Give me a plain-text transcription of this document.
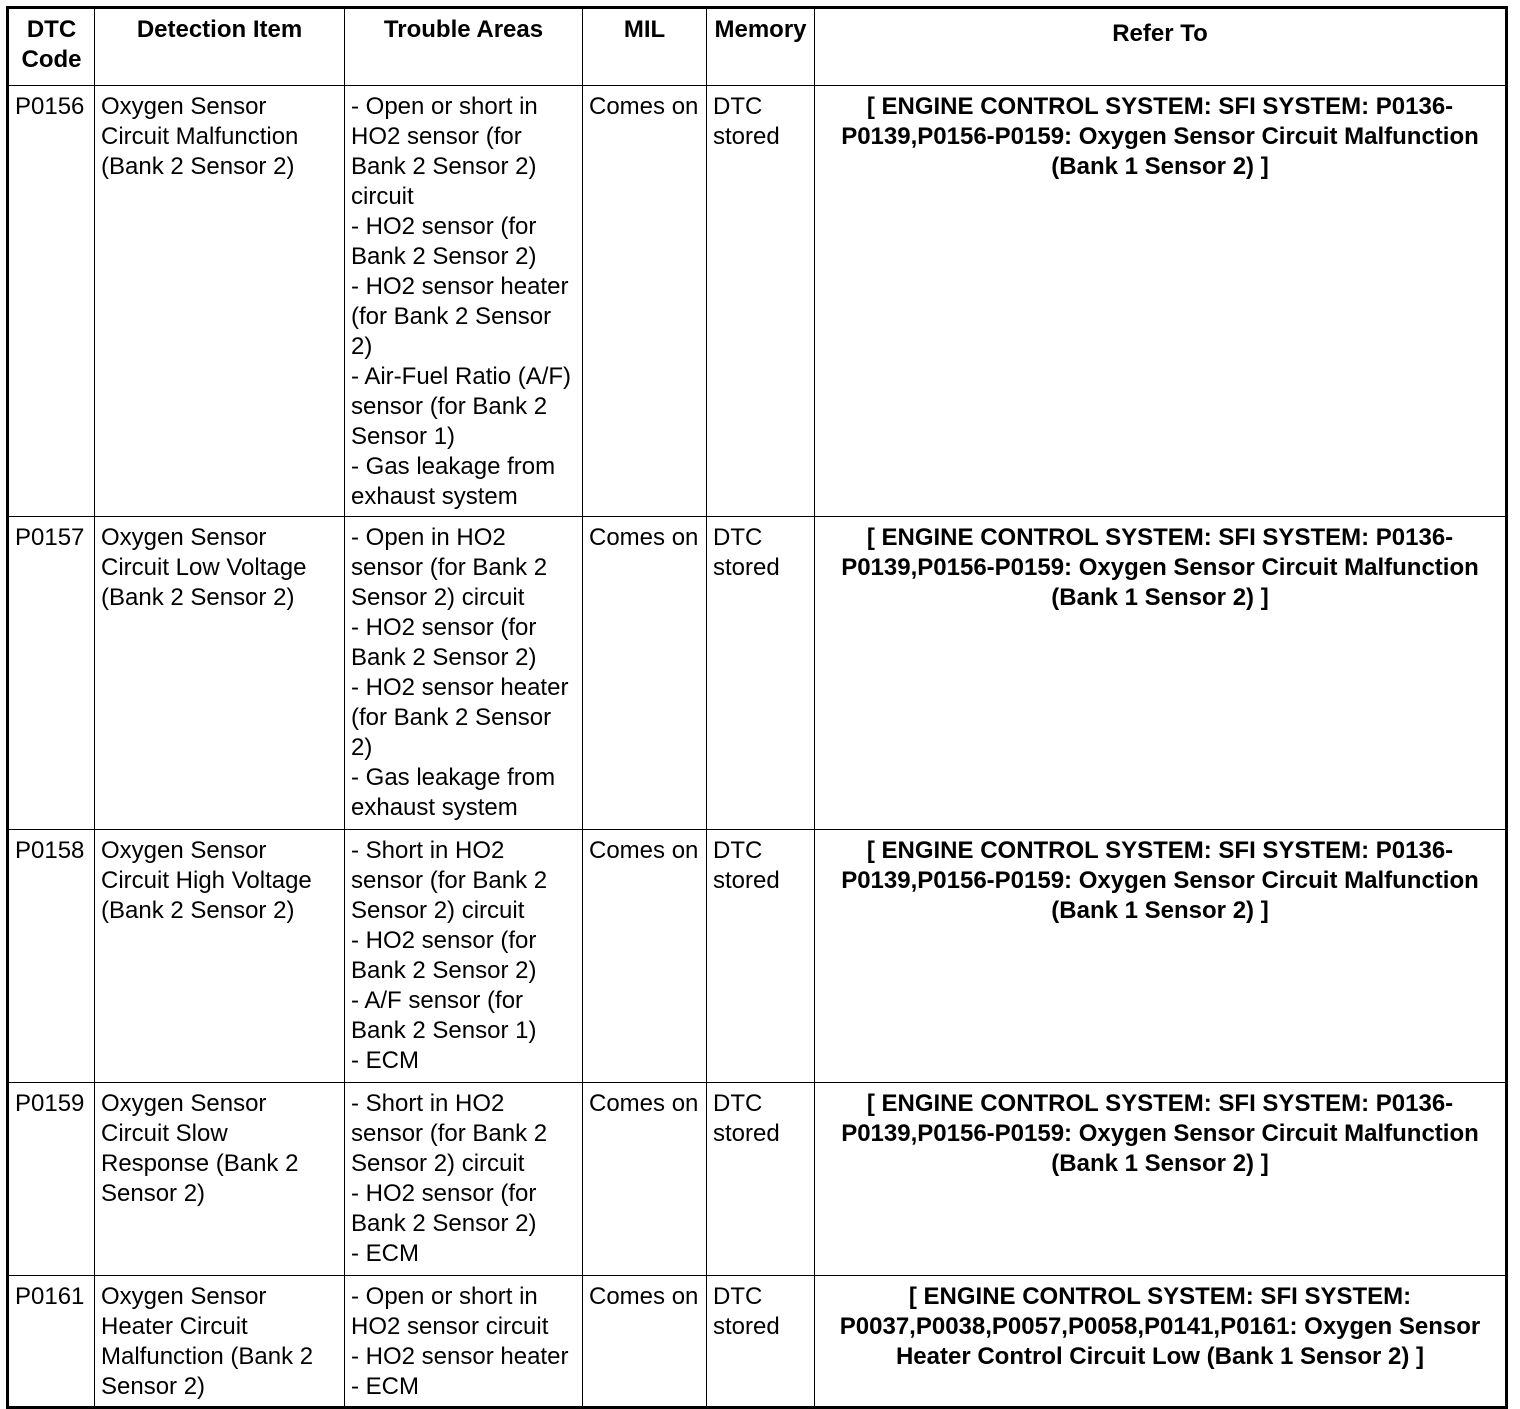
DTC
Code	Detection Item	Trouble Areas	MIL	Memory	Refer To
P0156	Oxygen Sensor Circuit Malfunction (Bank 2 Sensor 2)	- Open or short in HO2 sensor (for Bank 2 Sensor 2) circuit
- HO2 sensor (for Bank 2 Sensor 2)
- HO2 sensor heater (for Bank 2 Sensor 2)
- Air-Fuel Ratio (A/F) sensor (for Bank 2 Sensor 1)
- Gas leakage from exhaust system	Comes on	DTC stored	[ ENGINE CONTROL SYSTEM: SFI SYSTEM: P0136-P0139,P0156-P0159: Oxygen Sensor Circuit Malfunction (Bank 1 Sensor 2) ]
P0157	Oxygen Sensor Circuit Low Voltage (Bank 2 Sensor 2)	- Open in HO2 sensor (for Bank 2 Sensor 2) circuit
- HO2 sensor (for Bank 2 Sensor 2)
- HO2 sensor heater (for Bank 2 Sensor 2)
- Gas leakage from exhaust system	Comes on	DTC stored	[ ENGINE CONTROL SYSTEM: SFI SYSTEM: P0136-P0139,P0156-P0159: Oxygen Sensor Circuit Malfunction (Bank 1 Sensor 2) ]
P0158	Oxygen Sensor Circuit High Voltage (Bank 2 Sensor 2)	- Short in HO2 sensor (for Bank 2 Sensor 2) circuit
- HO2 sensor (for Bank 2 Sensor 2)
- A/F sensor (for Bank 2 Sensor 1)
- ECM	Comes on	DTC stored	[ ENGINE CONTROL SYSTEM: SFI SYSTEM: P0136-P0139,P0156-P0159: Oxygen Sensor Circuit Malfunction (Bank 1 Sensor 2) ]
P0159	Oxygen Sensor Circuit Slow Response (Bank 2 Sensor 2)	- Short in HO2 sensor (for Bank 2 Sensor 2) circuit
- HO2 sensor (for Bank 2 Sensor 2)
- ECM	Comes on	DTC stored	[ ENGINE CONTROL SYSTEM: SFI SYSTEM: P0136-P0139,P0156-P0159: Oxygen Sensor Circuit Malfunction (Bank 1 Sensor 2) ]
P0161	Oxygen Sensor Heater Circuit Malfunction (Bank 2 Sensor 2)	- Open or short in HO2 sensor circuit
- HO2 sensor heater
- ECM	Comes on	DTC stored	[ ENGINE CONTROL SYSTEM: SFI SYSTEM: P0037,P0038,P0057,P0058,P0141,P0161: Oxygen Sensor Heater Control Circuit Low (Bank 1 Sensor 2) ]
